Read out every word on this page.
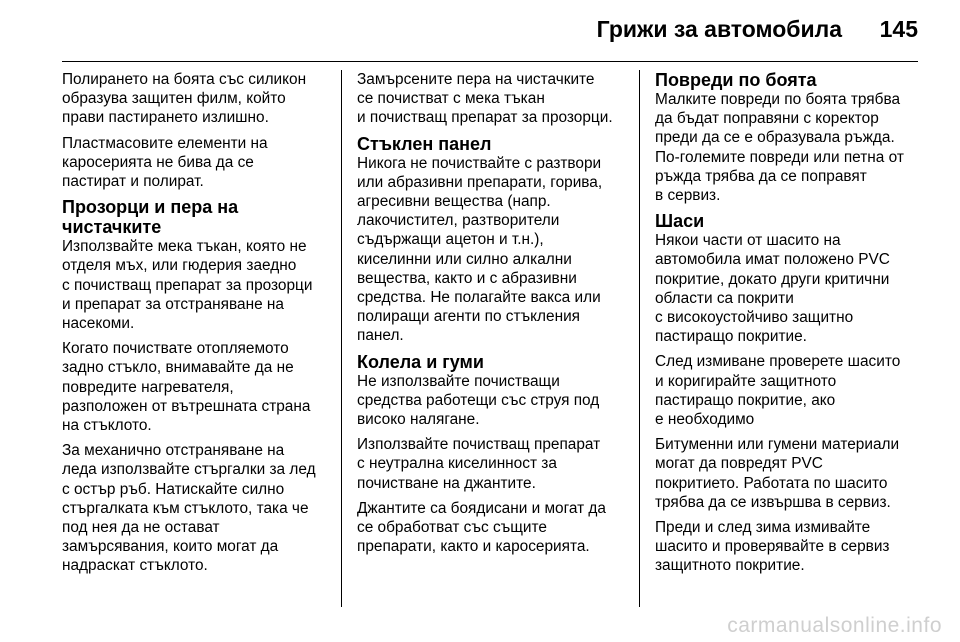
Грижи за автомобила 145
Полирането на боята със силикон
образува защитен филм, който
прави пастирането излишно.
Пластмасовите елементи на
каросерията не бива да се
пастират и полират.
Прозорци и пера на
чистачките
Използвайте мека тъкан, която не
отделя мъх, или гюдерия заедно
с почистващ препарат за прозорци
и препарат за отстраняване на
насекоми.
Когато почиствате отопляемото
задно стъкло, внимавайте да не
повредите нагревателя,
разположен от вътрешната страна
на стъклото.
За механично отстраняване на
леда използвайте стъргалки за лед
с остър ръб. Натискайте силно
стъргалката към стъклото, така че
под нея да не остават
замърсявания, които могат да
надраскат стъклото.
Замърсените пера на чистачките
се почистват с мека тъкан
и почистващ препарат за прозорци.
Стъклен панел
Никога не почиствайте с разтвори
или абразивни препарати, горива,
агресивни вещества (напр.
лакочистител, разтворители
съдържащи ацетон и т.н.),
киселинни или силно алкални
вещества, както и с абразивни
средства. Не полагайте вакса или
полиращи агенти по стъкления
панел.
Колела и гуми
Не използвайте почистващи
средства работещи със струя под
високо налягане.
Използвайте почистващ препарат
с неутрална киселинност за
почистване на джантите.
Джантите са боядисани и могат да
се обработват със същите
препарати, както и каросерията.
Повреди по боята
Малките повреди по боята трябва
да бъдат поправяни с коректор
преди да се е образувала ръжда.
По-големите повреди или петна от
ръжда трябва да се поправят
в сервиз.
Шаси
Някои части от шасито на
автомобила имат положено PVC
покритие, докато други критични
области са покрити
с високоустойчиво защитно
пастиращо покритие.
След измиване проверете шасито
и коригирайте защитното
пастиращо покритие, ако
е необходимо
Битуменни или гумени материали
могат да повредят PVC
покритието. Работата по шасито
трябва да се извършва в сервиз.
Преди и след зима измивайте
шасито и проверявайте в сервиз
защитното покритие.
carmanualsonline.info
